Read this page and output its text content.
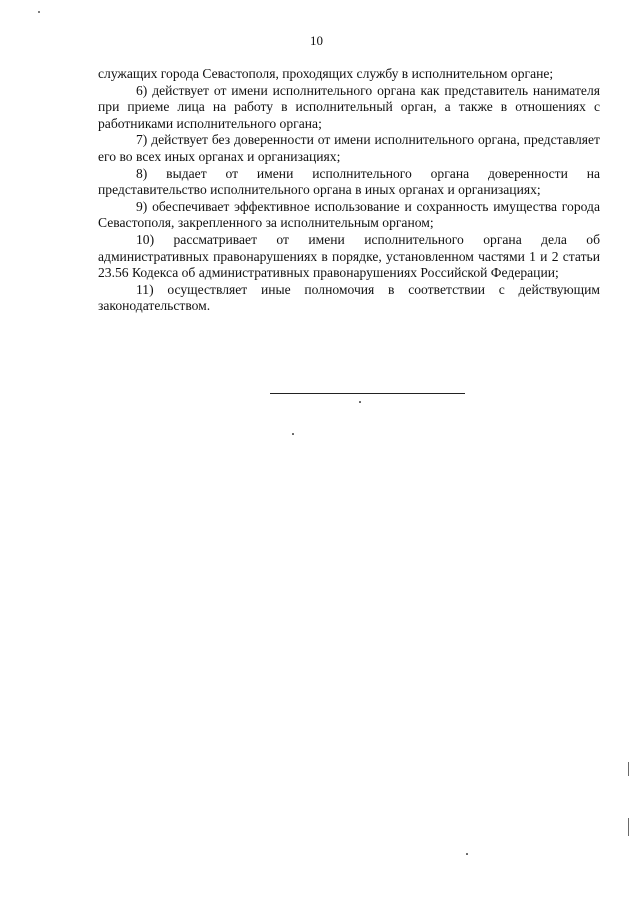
10

служащих города Севастополя, проходящих службу в исполнительном органе;

6) действует от имени исполнительного органа как представитель нанимателя при приеме лица на работу в исполнительный орган, а также в отношениях с работниками исполнительного органа;

7) действует без доверенности от имени исполнительного органа, представляет его во всех иных органах и организациях;

8) выдает от имени исполнительного органа доверенности на представительство исполнительного органа в иных органах и организациях;

9) обеспечивает эффективное использование и сохранность имущества города Севастополя, закрепленного за исполнительным органом;

10) рассматривает от имени исполнительного органа дела об административных правонарушениях в порядке, установленном частями 1 и 2 статьи 23.56 Кодекса об административных правонарушениях Российской Федерации;

11) осуществляет иные полномочия в соответствии с действующим законодательством.
